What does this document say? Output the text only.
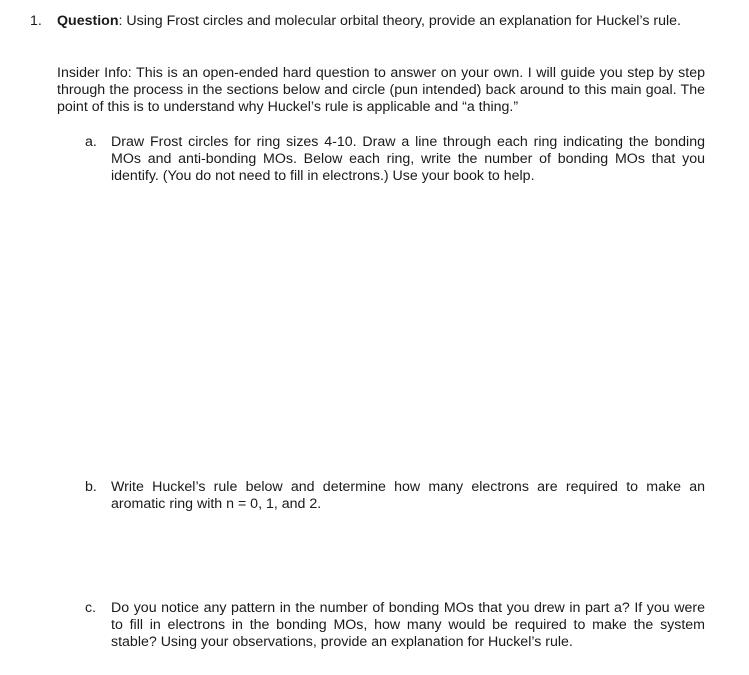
1. Question: Using Frost circles and molecular orbital theory, provide an explanation for Huckel’s rule.
Insider Info: This is an open-ended hard question to answer on your own. I will guide you step by step through the process in the sections below and circle (pun intended) back around to this main goal. The point of this is to understand why Huckel’s rule is applicable and “a thing.”
a. Draw Frost circles for ring sizes 4-10. Draw a line through each ring indicating the bonding MOs and anti-bonding MOs. Below each ring, write the number of bonding MOs that you identify. (You do not need to fill in electrons.) Use your book to help.
b. Write Huckel’s rule below and determine how many electrons are required to make an aromatic ring with n = 0, 1, and 2.
c. Do you notice any pattern in the number of bonding MOs that you drew in part a? If you were to fill in electrons in the bonding MOs, how many would be required to make the system stable? Using your observations, provide an explanation for Huckel’s rule.
